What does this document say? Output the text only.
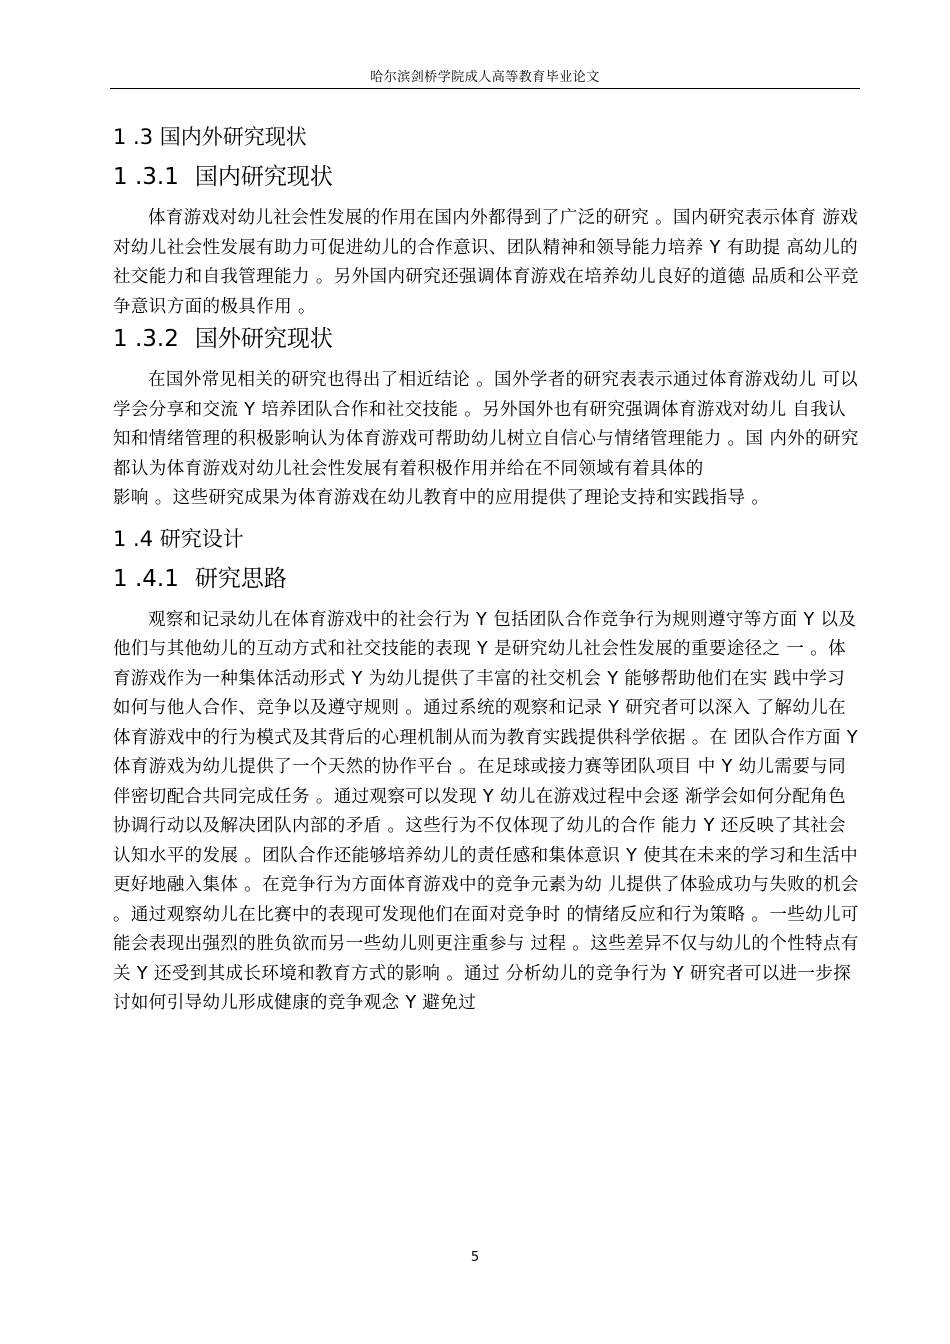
哈尔滨剑桥学院成人高等教育毕业论文
1 .3 国内外研究现状
1 .3.1 国内研究现状

体育游戏对幼儿社会性发展的作用在国内外都得到了广泛的研究 。国内研究表示体育 游戏对幼儿社会性发展有助力可促进幼儿的合作意识、团队精神和领导能力培养 Y 有助提 高幼儿的社交能力和自我管理能力 。另外国内研究还强调体育游戏在培养幼儿良好的道德 品质和公平竞争意识方面的极具作用 。

1 .3.2 国外研究现状

在国外常见相关的研究也得出了相近结论 。国外学者的研究表表示通过体育游戏幼儿 可以学会分享和交流 Y 培养团队合作和社交技能 。另外国外也有研究强调体育游戏对幼儿 自我认知和情绪管理的积极影响认为体育游戏可帮助幼儿树立自信心与情绪管理能力 。国 内外的研究都认为体育游戏对幼儿社会性发展有着积极作用并给在不同领域有着具体的

影响 。这些研究成果为体育游戏在幼儿教育中的应用提供了理论支持和实践指导 。

1 .4 研究设计
1 .4.1 研究思路

观察和记录幼儿在体育游戏中的社会行为 Y 包括团队合作竞争行为规则遵守等方面 Y 以及他们与其他幼儿的互动方式和社交技能的表现 Y 是研究幼儿社会性发展的重要途径之 一 。体育游戏作为一种集体活动形式 Y 为幼儿提供了丰富的社交机会 Y 能够帮助他们在实 践中学习如何与他人合作、竞争以及遵守规则 。通过系统的观察和记录 Y 研究者可以深入 了解幼儿在体育游戏中的行为模式及其背后的心理机制从而为教育实践提供科学依据 。在 团队合作方面 Y 体育游戏为幼儿提供了一个天然的协作平台 。在足球或接力赛等团队项目 中 Y 幼儿需要与同伴密切配合共同完成任务 。通过观察可以发现 Y 幼儿在游戏过程中会逐 渐学会如何分配角色协调行动以及解决团队内部的矛盾 。这些行为不仅体现了幼儿的合作 能力 Y 还反映了其社会认知水平的发展 。团队合作还能够培养幼儿的责任感和集体意识 Y 使其在未来的学习和生活中更好地融入集体 。在竞争行为方面体育游戏中的竞争元素为幼 儿提供了体验成功与失败的机会 。通过观察幼儿在比赛中的表现可发现他们在面对竞争时 的情绪反应和行为策略 。一些幼儿可能会表现出强烈的胜负欲而另一些幼儿则更注重参与 过程 。这些差异不仅与幼儿的个性特点有关 Y 还受到其成长环境和教育方式的影响 。通过 分析幼儿的竞争行为 Y 研究者可以进一步探讨如何引导幼儿形成健康的竞争观念 Y 避免过

5
